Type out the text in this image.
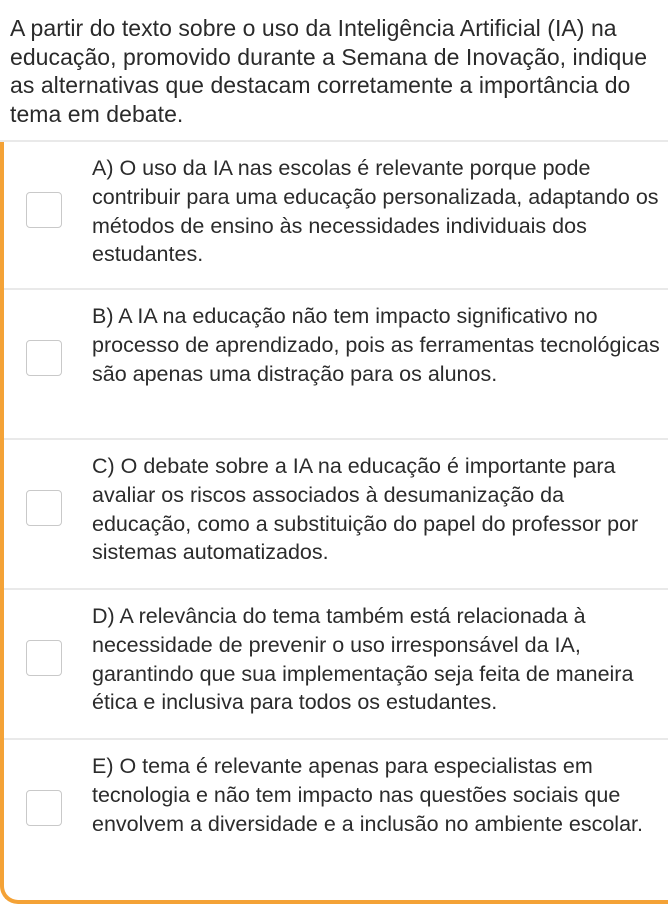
A partir do texto sobre o uso da Inteligência Artificial (IA) na educação, promovido durante a Semana de Inovação, indique as alternativas que destacam corretamente a importância do tema em debate.
A) O uso da IA nas escolas é relevante porque pode contribuir para uma educação personalizada, adaptando os métodos de ensino às necessidades individuais dos estudantes.
B) A IA na educação não tem impacto significativo no processo de aprendizado, pois as ferramentas tecnológicas são apenas uma distração para os alunos.
C) O debate sobre a IA na educação é importante para avaliar os riscos associados à desumanização da educação, como a substituição do papel do professor por sistemas automatizados.
D) A relevância do tema também está relacionada à necessidade de prevenir o uso irresponsável da IA, garantindo que sua implementação seja feita de maneira ética e inclusiva para todos os estudantes.
E) O tema é relevante apenas para especialistas em tecnologia e não tem impacto nas questões sociais que envolvem a diversidade e a inclusão no ambiente escolar.
